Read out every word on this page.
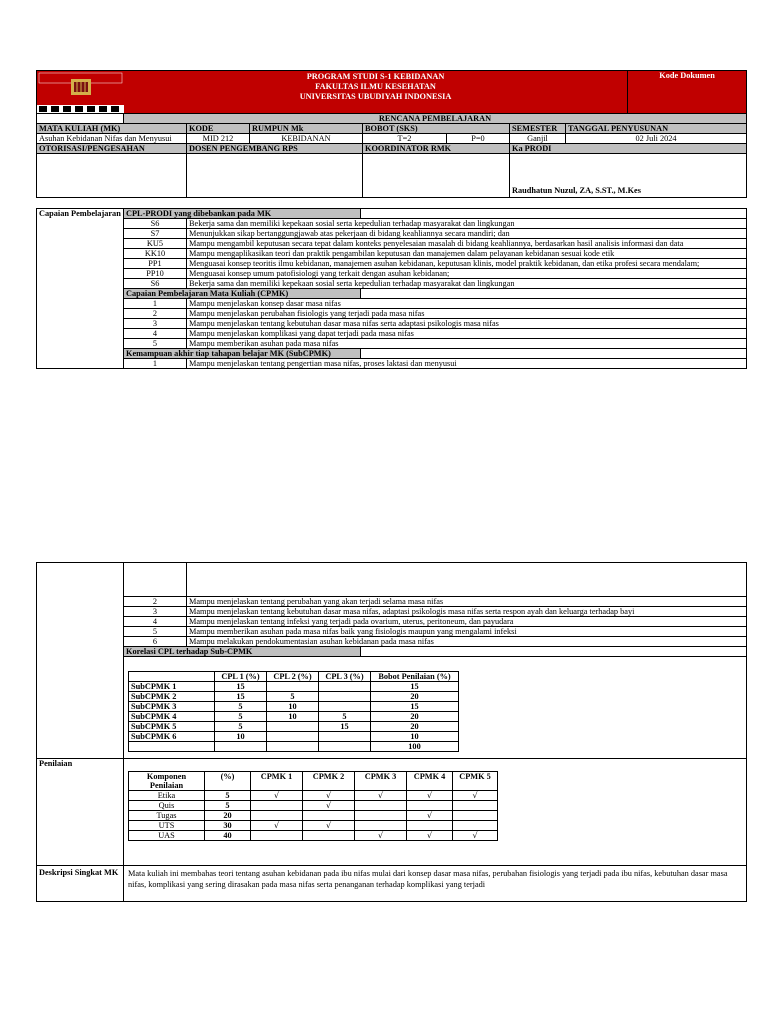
PROGRAM STUDI S-1 KEBIDANAN
FAKULTAS ILMU KESEHATAN
UNIVERSITAS UBUDIYAH INDONESIA							Kode Dokumen
	RENCANA PEMBELAJARAN							
MATA KULIAH (MK)		KODE	RUMPUN Mk	BOBOT (SKS)		SEMESTER	TANGGAL PENYUSUNAN	
Asuhan Kebidanan Nifas dan Menyusui		MID 212	KEBIDANAN	T=2	P=0	Ganjil	02 Juli 2024	
OTORISASI/PENGESAHAN		DOSEN PENGEMBANG RPS		KOORDINATOR RMK		Ka PRODI		
						Raudhatun Nuzul, ZA, S.ST., M.Kes		
Capaian Pembelajaran	CPL-PRODI yang dibebankan pada MK		
	S6	Bekerja sama dan memiliki kepekaan sosial serta kepedulian terhadap masyarakat dan lingkungan	
	S7	Menunjukkan sikap bertanggungjawab atas pekerjaan di bidang keahliannya secara mandiri; dan	
	KU5	Mampu mengambil keputusan secara tepat dalam konteks penyelesaian masalah di bidang keahliannya, berdasarkan hasil analisis informasi dan data	
	KK10	Mampu mengaplikasikan teori dan praktik pengambilan keputusan dan manajemen dalam pelayanan kebidanan sesuai kode etik	
	PP1	Menguasai konsep teoritis ilmu kebidanan, manajemen asuhan kebidanan, keputusan klinis, model praktik kebidanan, dan etika profesi secara mendalam;	
	PP10	Menguasai konsep umum patofisiologi yang terkait dengan asuhan kebidanan;	
	S6	Bekerja sama dan memiliki kepekaan sosial serta kepedulian terhadap masyarakat dan lingkungan	
	Capaian Pembelajaran Mata Kuliah (CPMK)		
	1	Mampu menjelaskan konsep dasar masa nifas	
	2	Mampu menjelaskan perubahan fisiologis yang terjadi pada masa nifas	
	3	Mampu menjelaskan tentang kebutuhan dasar masa nifas serta adaptasi psikologis masa nifas	
	4	Mampu menjelaskan komplikasi yang dapat terjadi pada masa nifas	
	5	Mampu memberikan asuhan pada masa nifas	
	Kemampuan akhir tiap tahapan belajar MK (SubCPMK)		
	1	Mampu menjelaskan tentang pengertian masa nifas, proses laktasi dan menyusui	

2	Mampu menjelaskan tentang perubahan yang akan terjadi selama masa nifas
3	Mampu menjelaskan tentang kebutuhan dasar masa nifas, adaptasi psikologis masa nifas serta respon ayah dan keluarga terhadap bayi
4	Mampu menjelaskan tentang infeksi yang terjadi pada ovarium, uterus, peritoneum, dan payudara
5	Mampu memberikan asuhan pada masa nifas baik yang fisiologis maupun yang mengalami infeksi
6	Mampu melakukan pendokumentasian asuhan kebidanan pada masa nifas
Korelasi CPL terhadap Sub-CPMK	

	CPL 1 (%)	CPL 2 (%)	CPL 3 (%)	Bobot Penilaian (%)
SubCPMK 1	15			15
SubCPMK 2	15	5		20
SubCPMK 3	5	10		15
SubCPMK 4	5	10	5	20
SubCPMK 5	5		15	20
SubCPMK 6	10			10
				100

Penilaian	
Komponen Penilaian	(%)	CPMK 1	CPMK 2	CPMK 3	CPMK 4	CPMK 5
Etika	5	√	√	√	√	√
Quis	5		√			
Tugas	20				√	
UTS	30	√	√			
UAS	40			√	√	√

Deskripsi Singkat MK	Mata kuliah ini membahas teori tentang asuhan kebidanan pada ibu nifas mulai dari konsep dasar masa nifas, perubahan fisiologis yang terjadi pada ibu nifas, kebutuhan dasar masa nifas, komplikasi yang sering dirasakan pada masa nifas serta penanganan terhadap komplikasi yang terjadi
